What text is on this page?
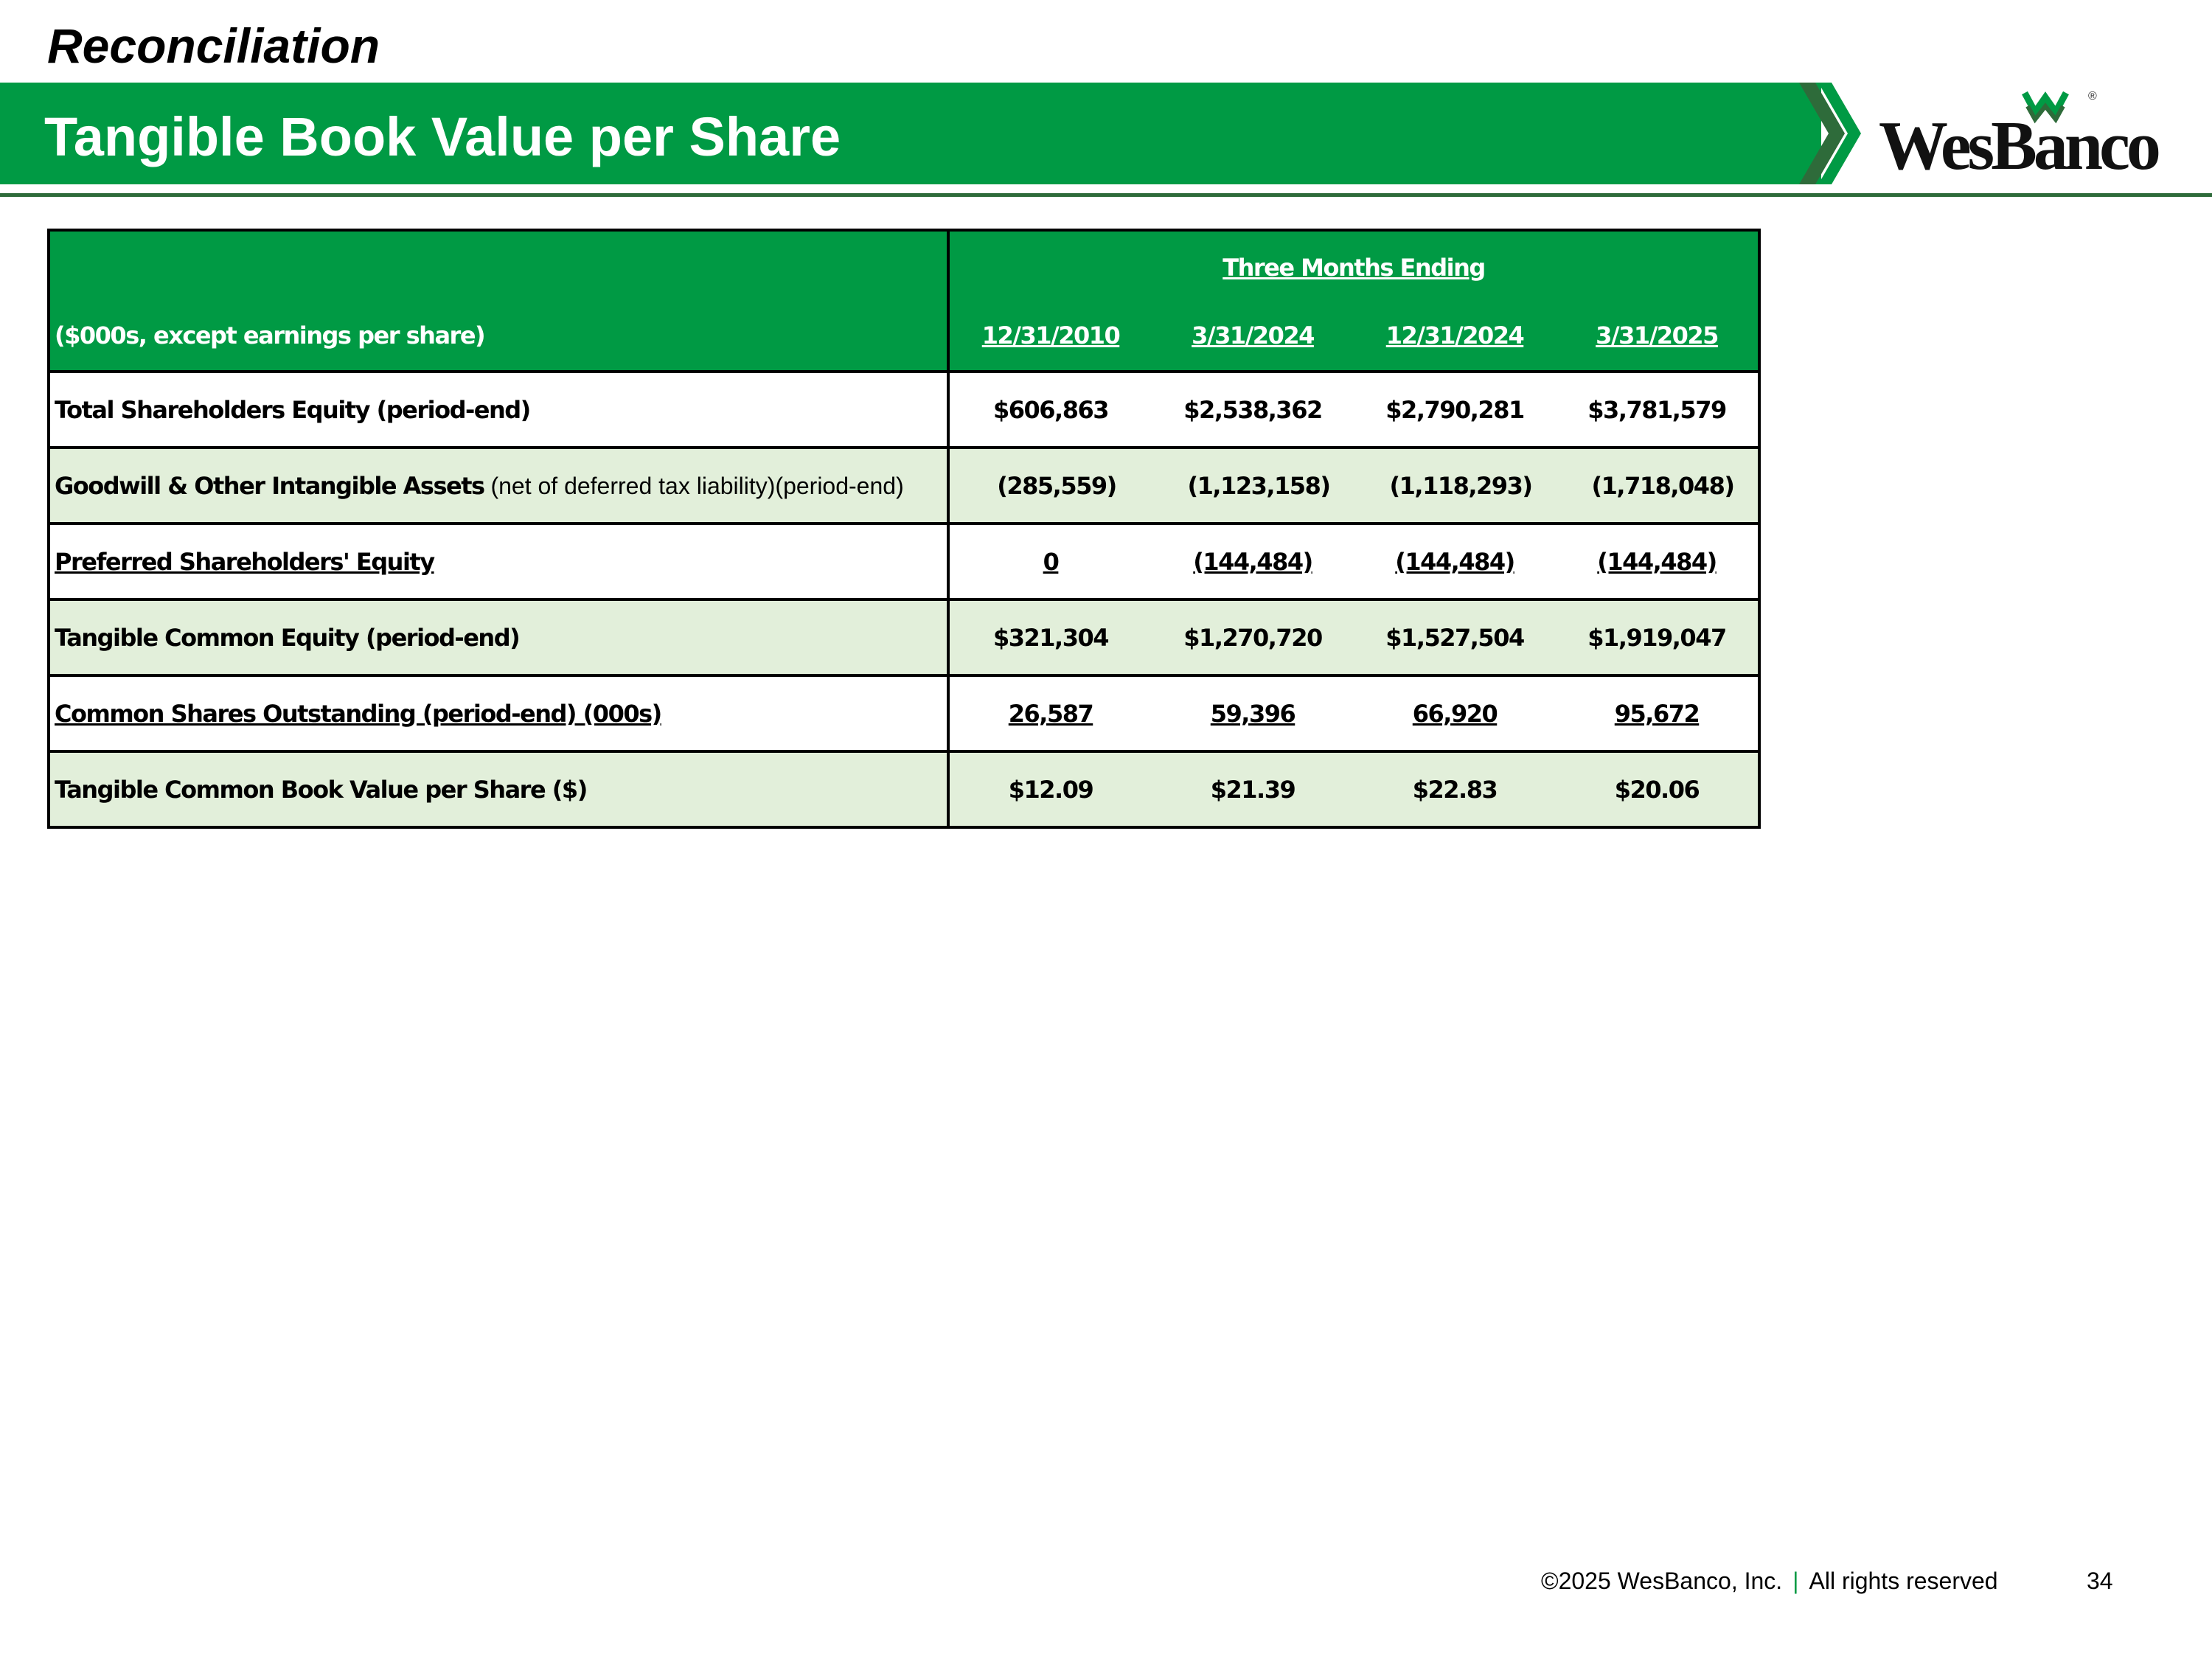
Reconciliation
Tangible Book Value per Share	WesBanco
®
($000s, except earnings per share)	Three Months Ending
12/31/2010 3/31/2024 12/31/2024 3/31/2025

Total Shareholders Equity (period-end)	$606,863 $2,538,362 $2,790,281 $3,781,579

Goodwill & Other Intangible Assets (net of deferred tax liability)(period-end)	(285,559) (1,123,158) (1,118,293) (1,718,048)

Preferred Shareholders' Equity	0 (144,484) (144,484) (144,484)

Tangible Common Equity (period-end)	$321,304 $1,270,720 $1,527,504 $1,919,047

Common Shares Outstanding (period-end) (000s)	26,587 59,396 66,920 95,672

Tangible Common Book Value per Share ($)	$12.09 $21.39 $22.83 $20.06
©2025 WesBanco, Inc. | All rights reserved	34
